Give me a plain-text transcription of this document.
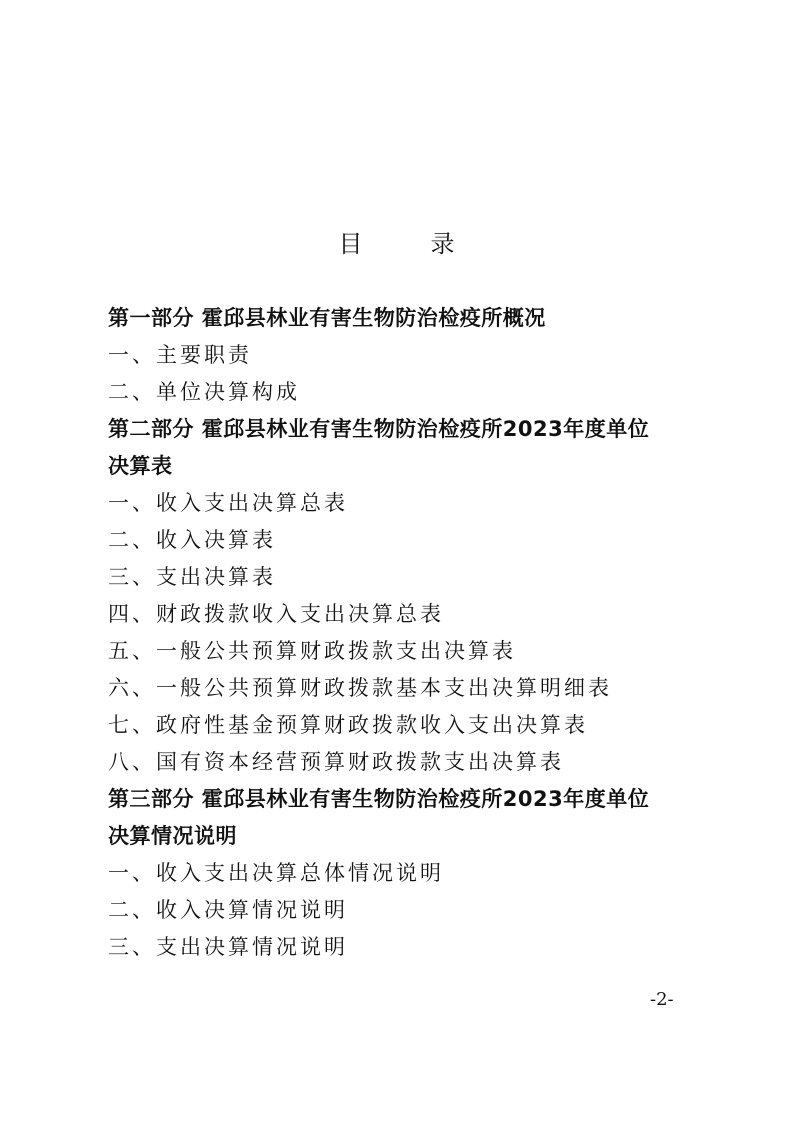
目　录
第一部分 霍邱县林业有害生物防治检疫所概况
一、主要职责
二、单位决算构成
第二部分 霍邱县林业有害生物防治检疫所2023年度单位
决算表
一、收入支出决算总表
二、收入决算表
三、支出决算表
四、财政拨款收入支出决算总表
五、一般公共预算财政拨款支出决算表
六、一般公共预算财政拨款基本支出决算明细表
七、政府性基金预算财政拨款收入支出决算表
八、国有资本经营预算财政拨款支出决算表
第三部分 霍邱县林业有害生物防治检疫所2023年度单位
决算情况说明
一、收入支出决算总体情况说明
二、收入决算情况说明
三、支出决算情况说明
-2-
